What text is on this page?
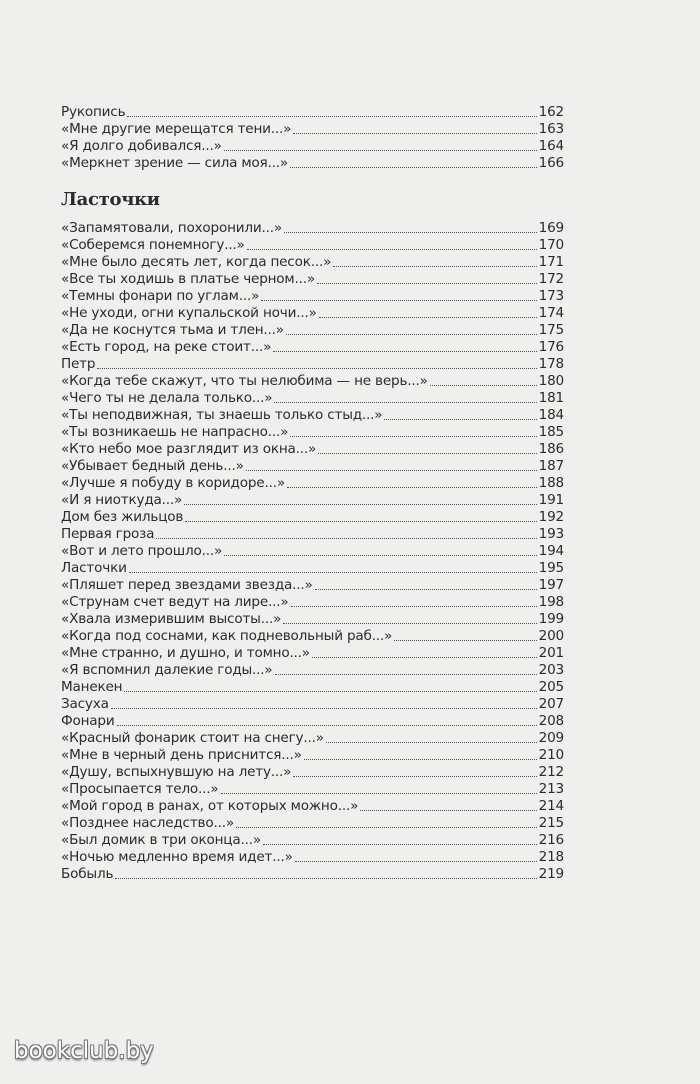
Рукопись	162
«Мне другие мерещатся тени...»	163
«Я долго добивался...»	164
«Меркнет зрение — сила моя...»	166
Ласточки
«Запамятовали, похоронили...»	169
«Соберемся понемногу...»	170
«Мне было десять лет, когда песок...»	171
«Все ты ходишь в платье черном...»	172
«Темны фонари по углам...»	173
«Не уходи, огни купальской ночи...»	174
«Да не коснутся тьма и тлен...»	175
«Есть город, на реке стоит...»	176
Петр	178
«Когда тебе скажут, что ты нелюбима — не верь...»	180
«Чего ты не делала только...»	181
«Ты неподвижная, ты знаешь только стыд...»	184
«Ты возникаешь не напрасно...»	185
«Кто небо мое разглядит из окна...»	186
«Убывает бедный день...»	187
«Лучше я побуду в коридоре...»	188
«И я ниоткуда...»	191
Дом без жильцов	192
Первая гроза	193
«Вот и лето прошло...»	194
Ласточки	195
«Пляшет перед звездами звезда...»	197
«Струнам счет ведут на лире...»	198
«Хвала измерившим высоты...»	199
«Когда под соснами, как подневольный раб...»	200
«Мне странно, и душно, и томно...»	201
«Я вспомнил далекие годы...»	203
Манекен	205
Засуха	207
Фонари	208
«Красный фонарик стоит на снегу...»	209
«Мне в черный день приснится...»	210
«Душу, вспыхнувшую на лету...»	212
«Просыпается тело...»	213
«Мой город в ранах, от которых можно...»	214
«Позднее наследство...»	215
«Был домик в три оконца...»	216
«Ночью медленно время идет...»	218
Бобыль	219
bookclub.by
